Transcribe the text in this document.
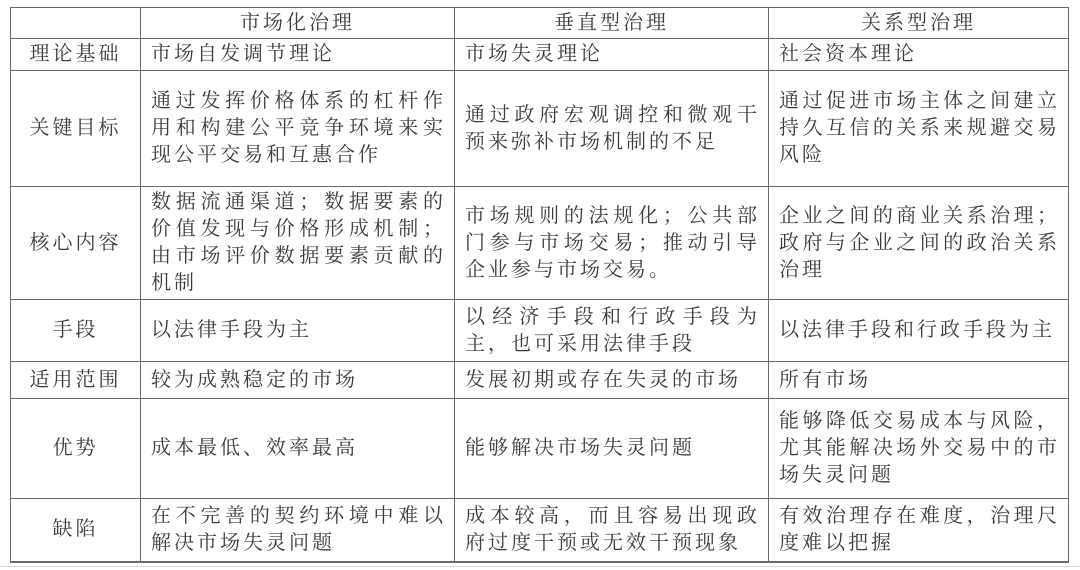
	市场化治理	垂直型治理	关系型治理
理论基础	市场自发调节理论	市场失灵理论	社会资本理论
关键目标	通过发挥价格体系的杠杆作用和构建公平竞争环境来实现公平交易和互惠合作	通过政府宏观调控和微观干预来弥补市场机制的不足	通过促进市场主体之间建立持久互信的关系来规避交易风险
核心内容	数据流通渠道；数据要素的价值发现与价格形成机制；由市场评价数据要素贡献的机制	市场规则的法规化；公共部门参与市场交易；推动引导企业参与市场交易。	企业之间的商业关系治理；政府与企业之间的政治关系治理
手段	以法律手段为主	以经济手段和行政手段为主，也可采用法律手段	以法律手段和行政手段为主
适用范围	较为成熟稳定的市场	发展初期或存在失灵的市场	所有市场
优势	成本最低、效率最高	能够解决市场失灵问题	能够降低交易成本与风险，尤其能解决场外交易中的市场失灵问题
缺陷	在不完善的契约环境中难以解决市场失灵问题	成本较高，而且容易出现政府过度干预或无效干预现象	有效治理存在难度，治理尺度难以把握
